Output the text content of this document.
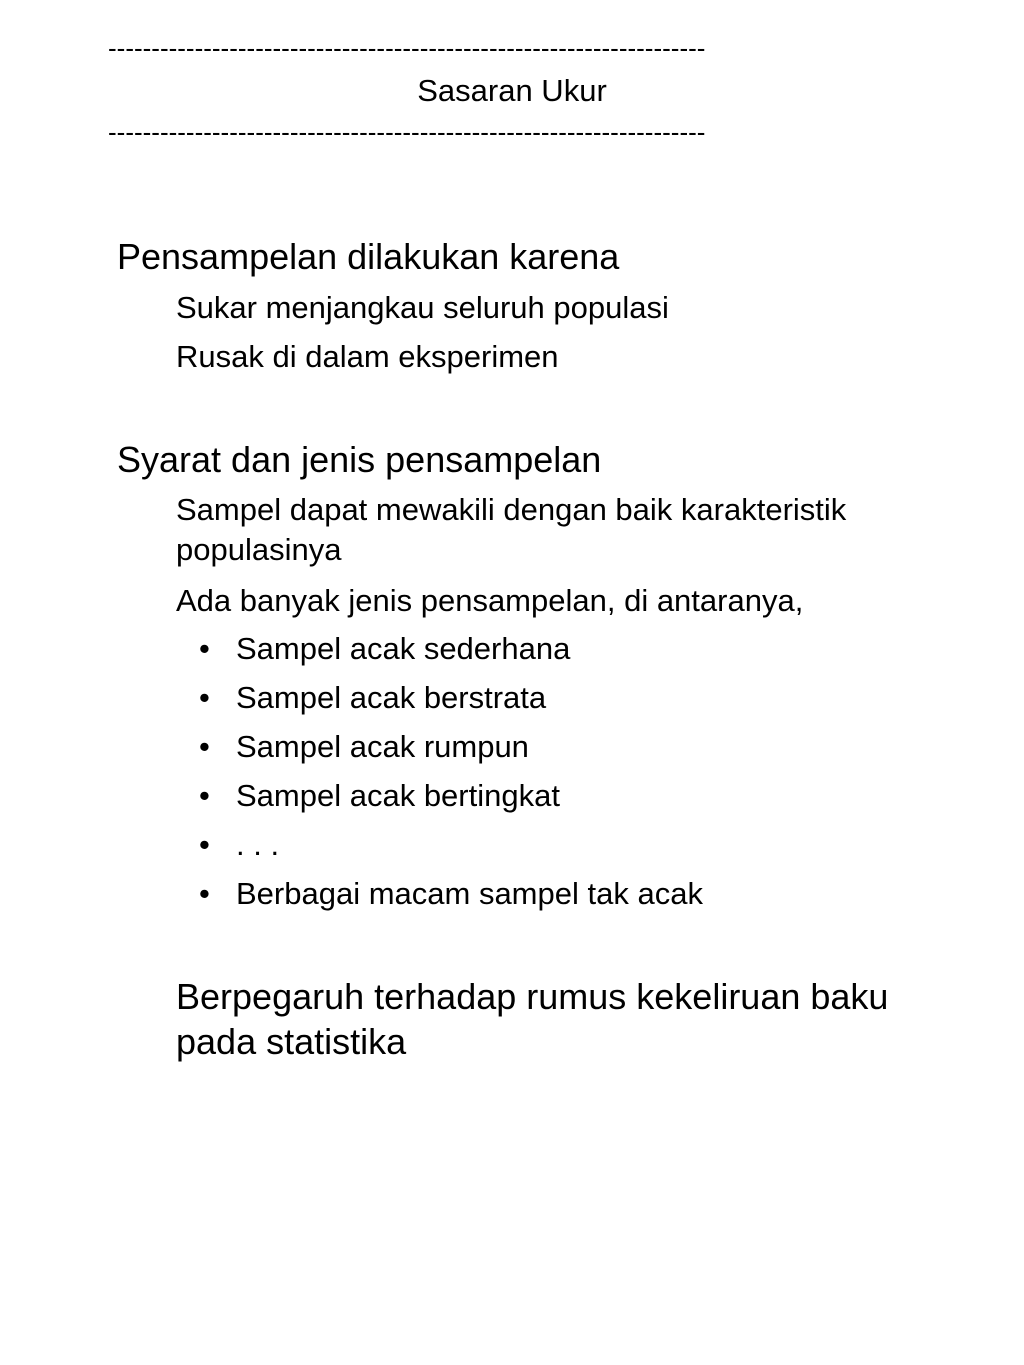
---------------------------------------------------------------------
Sasaran Ukur
---------------------------------------------------------------------
Pensampelan dilakukan karena
Sukar menjangkau seluruh populasi
Rusak di dalam eksperimen
Syarat dan jenis pensampelan
Sampel dapat mewakili dengan baik karakteristik
populasinya
Ada banyak jenis pensampelan, di antaranya,
• Sampel acak sederhana
• Sampel acak berstrata
• Sampel acak rumpun
• Sampel acak bertingkat
• . . .
• Berbagai macam sampel tak acak
Berpegaruh terhadap rumus kekeliruan baku
pada statistika
